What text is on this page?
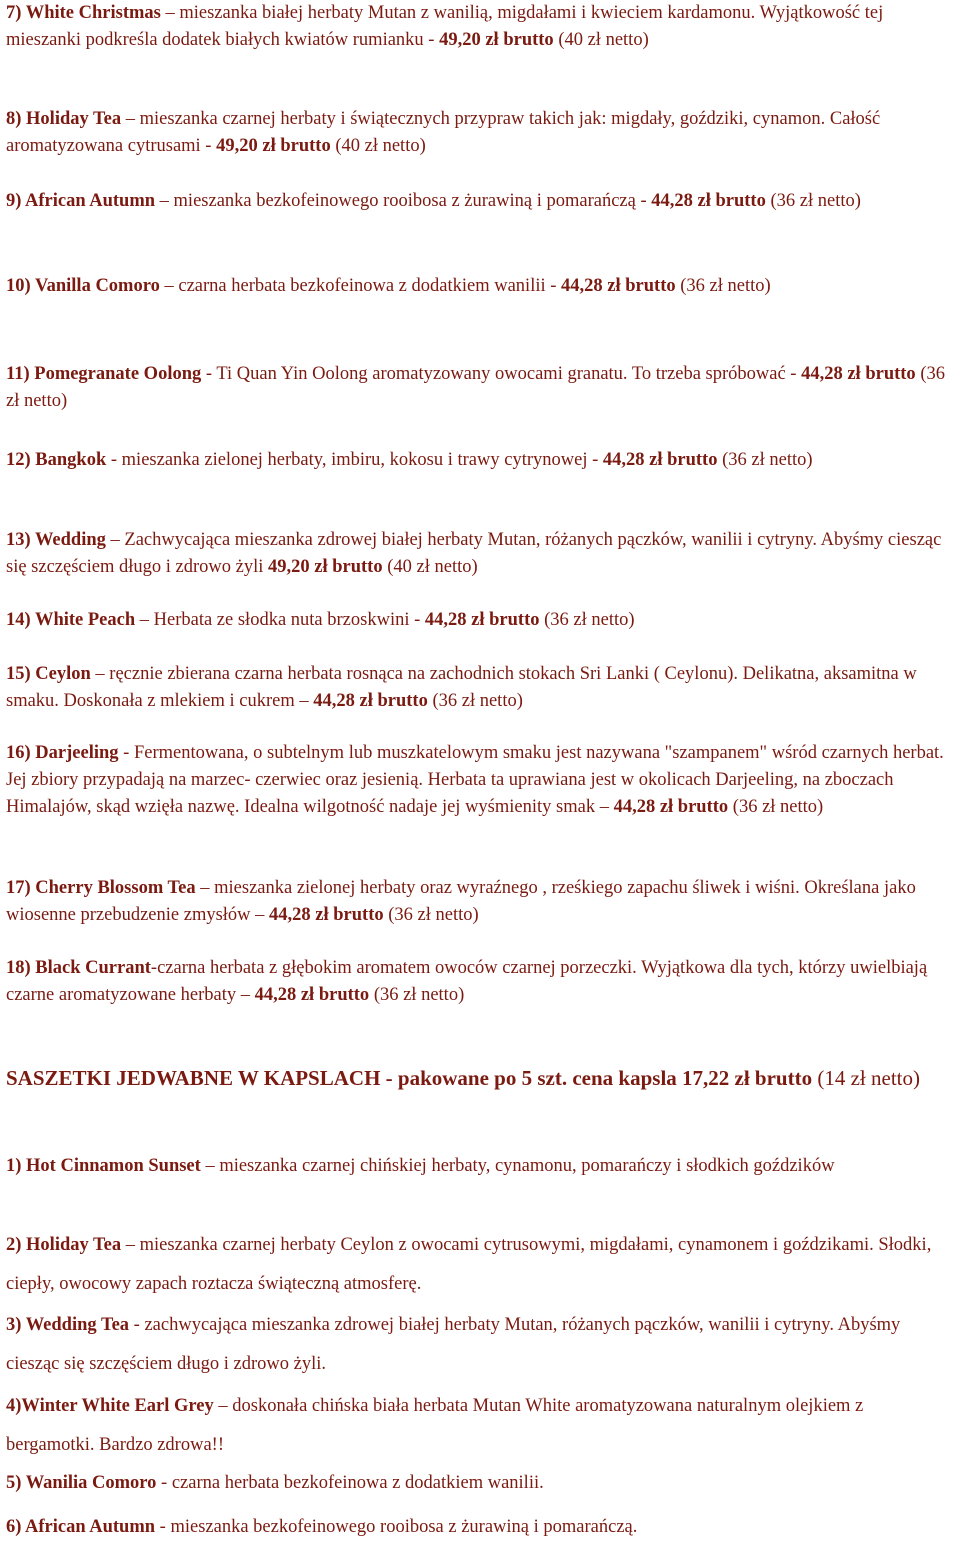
7) White Christmas – mieszanka białej herbaty Mutan z wanilią, migdałami i kwieciem kardamonu. Wyjątkowość tej mieszanki podkreśla dodatek białych kwiatów rumianku - 49,20 zł brutto (40 zł netto)
8) Holiday Tea – mieszanka czarnej herbaty i świątecznych przypraw takich jak: migdały, goździki, cynamon. Całość aromatyzowana cytrusami - 49,20 zł brutto (40 zł netto)
9) African Autumn – mieszanka bezkofeinowego rooibosa z żurawiną i pomarańczą - 44,28 zł brutto (36 zł netto)
10) Vanilla Comoro – czarna herbata bezkofeinowa z dodatkiem wanilii - 44,28 zł brutto (36 zł netto)
11) Pomegranate Oolong - Ti Quan Yin Oolong aromatyzowany owocami granatu. To trzeba spróbować - 44,28 zł brutto (36 zł netto)
12) Bangkok - mieszanka zielonej herbaty, imbiru, kokosu i trawy cytrynowej - 44,28 zł brutto (36 zł netto)
13) Wedding – Zachwycająca mieszanka zdrowej białej herbaty Mutan, różanych pączków, wanilii i cytryny. Abyśmy ciesząc się szczęściem długo i zdrowo żyli 49,20 zł brutto (40 zł netto)
14) White Peach – Herbata ze słodka nuta brzoskwini - 44,28 zł brutto (36 zł netto)
15) Ceylon – ręcznie zbierana czarna herbata rosnąca na zachodnich stokach Sri Lanki ( Ceylonu). Delikatna, aksamitna w smaku. Doskonała z mlekiem i cukrem – 44,28 zł brutto (36 zł netto)
16) Darjeeling - Fermentowana, o subtelnym lub muszkatelowym smaku jest nazywana "szampanem" wśród czarnych herbat. Jej zbiory przypadają na marzec- czerwiec oraz jesienią. Herbata ta uprawiana jest w okolicach Darjeeling, na zboczach Himalajów, skąd wzięła nazwę. Idealna wilgotność nadaje jej wyśmienity smak – 44,28 zł brutto (36 zł netto)
17) Cherry Blossom Tea – mieszanka zielonej herbaty oraz wyraźnego , rześkiego zapachu śliwek i wiśni. Określana jako wiosenne przebudzenie zmysłów – 44,28 zł brutto (36 zł netto)
18) Black Currant-czarna herbata z głębokim aromatem owoców czarnej porzeczki. Wyjątkowa dla tych, którzy uwielbiają czarne aromatyzowane herbaty – 44,28 zł brutto (36 zł netto)
SASZETKI JEDWABNE W KAPSLACH - pakowane po 5 szt. cena kapsla 17,22 zł brutto (14 zł netto)
1) Hot Cinnamon Sunset – mieszanka czarnej chińskiej herbaty, cynamonu, pomarańczy i słodkich goździków
2) Holiday Tea – mieszanka czarnej herbaty Ceylon z owocami cytrusowymi, migdałami, cynamonem i goździkami. Słodki, ciepły, owocowy zapach roztacza świąteczną atmosferę.
3) Wedding Tea - zachwycająca mieszanka zdrowej białej herbaty Mutan, różanych pączków, wanilii i cytryny. Abyśmy ciesząc się szczęściem długo i zdrowo żyli.
4)Winter White Earl Grey – doskonała chińska biała herbata Mutan White aromatyzowana naturalnym olejkiem z bergamotki. Bardzo zdrowa!!
5) Wanilia Comoro - czarna herbata bezkofeinowa z dodatkiem wanilii.
6) African Autumn - mieszanka bezkofeinowego rooibosa z żurawiną i pomarańczą.
